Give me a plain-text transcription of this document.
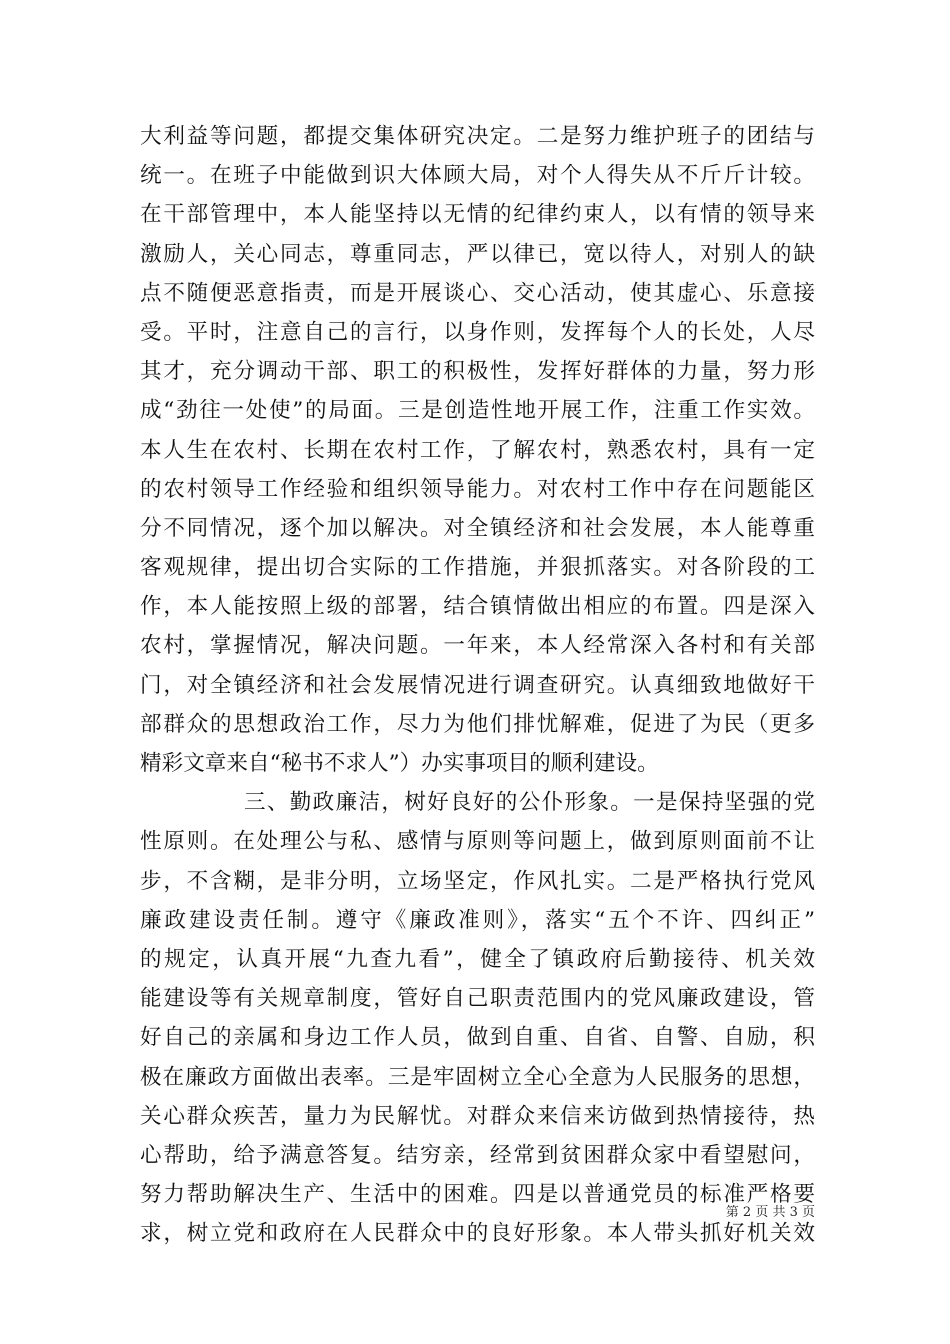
大利益等问题，都提交集体研究决定。二是努力维护班子的团结与
统一。在班子中能做到识大体顾大局，对个人得失从不斤斤计较。
在干部管理中，本人能坚持以无情的纪律约束人，以有情的领导来
激励人，关心同志，尊重同志，严以律已，宽以待人，对别人的缺
点不随便恶意指责，而是开展谈心、交心活动，使其虚心、乐意接
受。平时，注意自己的言行，以身作则，发挥每个人的长处，人尽
其才，充分调动干部、职工的积极性，发挥好群体的力量，努力形
成“劲往一处使”的局面。三是创造性地开展工作，注重工作实效。
本人生在农村、长期在农村工作，了解农村，熟悉农村，具有一定
的农村领导工作经验和组织领导能力。对农村工作中存在问题能区
分不同情况，逐个加以解决。对全镇经济和社会发展，本人能尊重
客观规律，提出切合实际的工作措施，并狠抓落实。对各阶段的工
作，本人能按照上级的部署，结合镇情做出相应的布置。四是深入
农村，掌握情况，解决问题。一年来，本人经常深入各村和有关部
门，对全镇经济和社会发展情况进行调查研究。认真细致地做好干
部群众的思想政治工作，尽力为他们排忧解难，促进了为民（更多
精彩文章来自“秘书不求人”）办实事项目的顺利建设。
三、勤政廉洁，树好良好的公仆形象。一是保持坚强的党
性原则。在处理公与私、感情与原则等问题上，做到原则面前不让
步，不含糊，是非分明，立场坚定，作风扎实。二是严格执行党风
廉政建设责任制。遵守《廉政准则》，落实“五个不许、四纠正”
的规定，认真开展“九查九看”，健全了镇政府后勤接待、机关效
能建设等有关规章制度，管好自己职责范围内的党风廉政建设，管
好自己的亲属和身边工作人员，做到自重、自省、自警、自励，积
极在廉政方面做出表率。三是牢固树立全心全意为人民服务的思想，
关心群众疾苦，量力为民解忧。对群众来信来访做到热情接待，热
心帮助，给予满意答复。结穷亲，经常到贫困群众家中看望慰问，
努力帮助解决生产、生活中的困难。四是以普通党员的标准严格要
求，树立党和政府在人民群众中的良好形象。本人带头抓好机关效
第 2 页 共 3 页
